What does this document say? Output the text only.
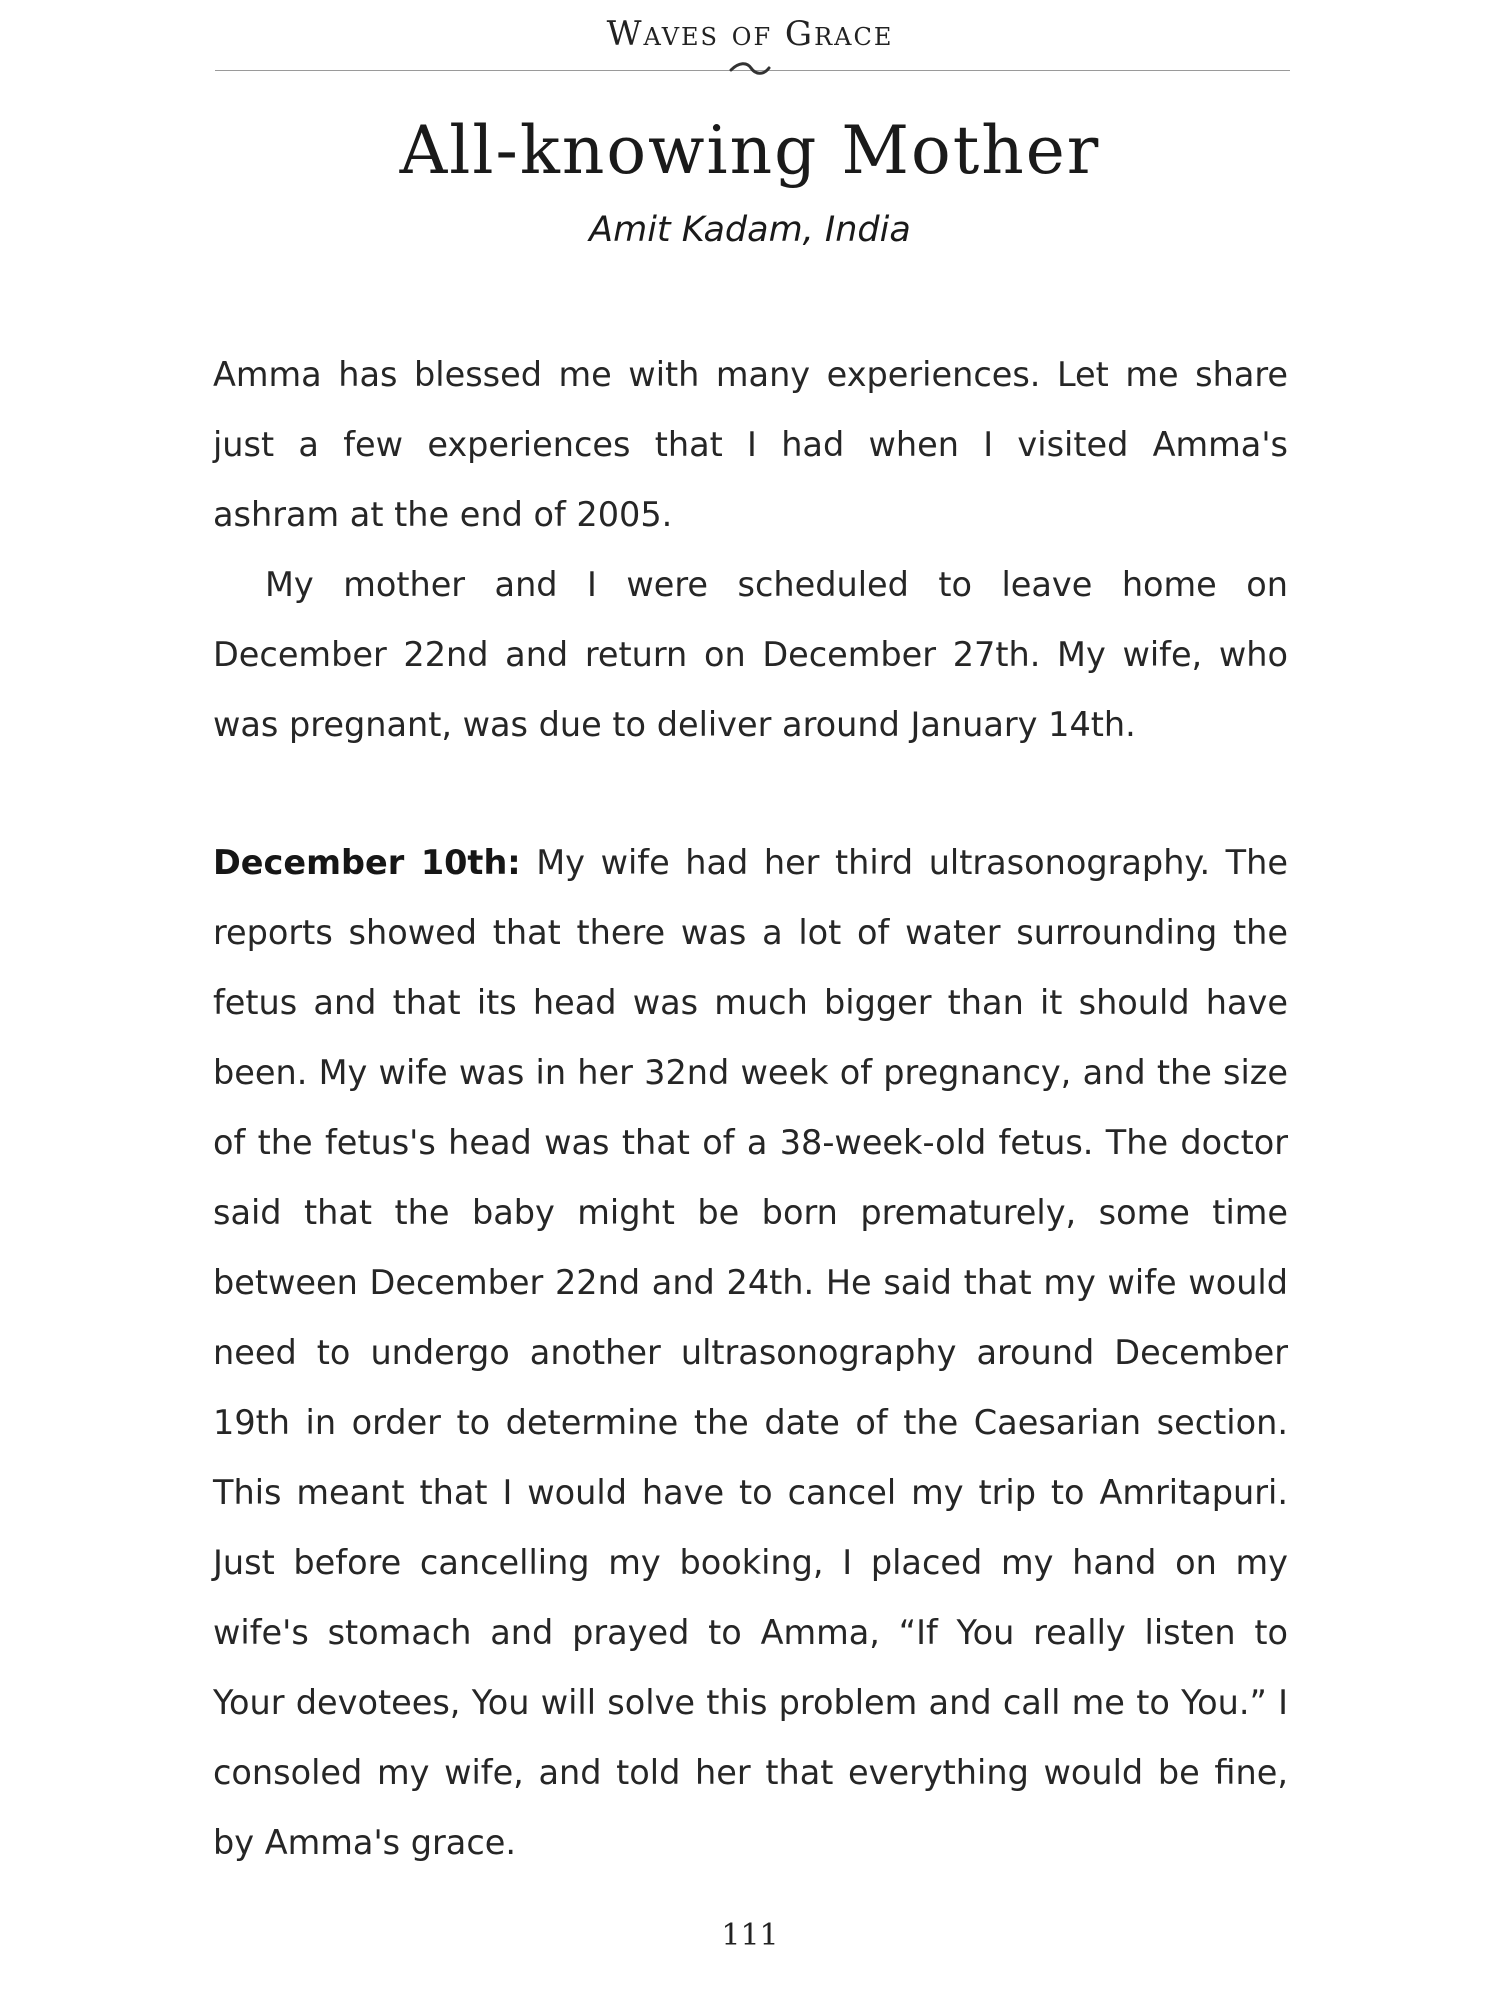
Waves of Grace
All-knowing Mother
Amit Kadam, India

Amma has blessed me with many experiences. Let me share just a few experiences that I had when I visited Amma's ashram at the end of 2005.

My mother and I were scheduled to leave home on December 22nd and return on December 27th. My wife, who was pregnant, was due to deliver around January 14th.

December 10th: My wife had her third ultrasonography. The reports showed that there was a lot of water surrounding the fetus and that its head was much bigger than it should have been. My wife was in her 32nd week of pregnancy, and the size of the fetus's head was that of a 38-week-old fetus. The doctor said that the baby might be born prematurely, some time between December 22nd and 24th. He said that my wife would need to undergo another ultrasonography around December 19th in order to determine the date of the Caesarian section. This meant that I would have to cancel my trip to Amritapuri. Just before cancelling my booking, I placed my hand on my wife's stomach and prayed to Amma, “If You really listen to Your devotees, You will solve this problem and call me to You.” I consoled my wife, and told her that everything would be fine, by Amma's grace.

111
